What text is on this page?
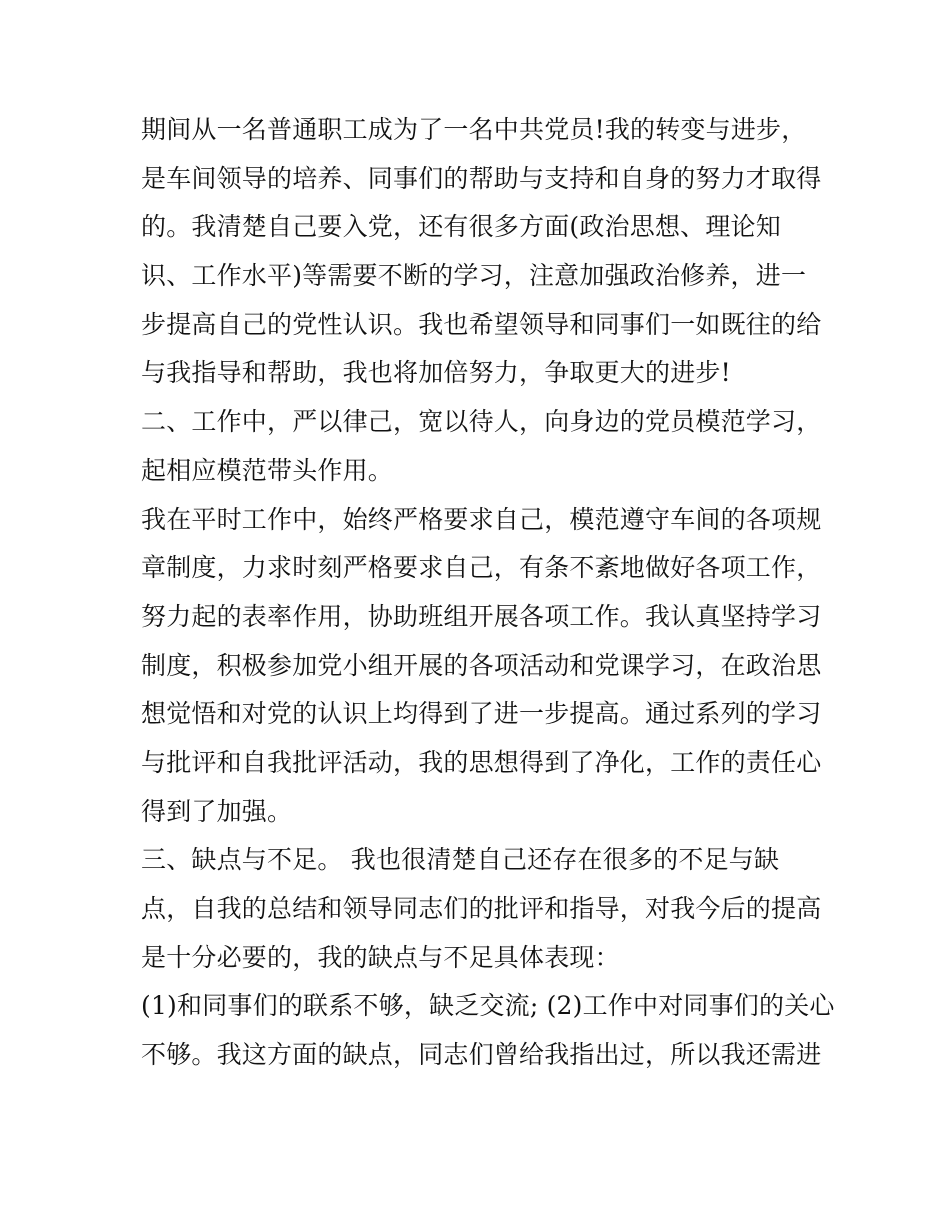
期间从一名普通职工成为了一名中共党员!我的转变与进步，
是车间领导的培养、同事们的帮助与支持和自身的努力才取得
的。我清楚自己要入党，还有很多方面(政治思想、理论知
识、工作水平)等需要不断的学习，注意加强政治修养，进一
步提高自己的党性认识。我也希望领导和同事们一如既往的给
与我指导和帮助，我也将加倍努力，争取更大的进步!
二、工作中，严以律己，宽以待人，向身边的党员模范学习，
起相应模范带头作用。
我在平时工作中，始终严格要求自己，模范遵守车间的各项规
章制度，力求时刻严格要求自己，有条不紊地做好各项工作，
努力起的表率作用，协助班组开展各项工作。我认真坚持学习
制度，积极参加党小组开展的各项活动和党课学习，在政治思
想觉悟和对党的认识上均得到了进一步提高。通过系列的学习
与批评和自我批评活动，我的思想得到了净化，工作的责任心
得到了加强。
三、缺点与不足。 我也很清楚自己还存在很多的不足与缺
点，自我的总结和领导同志们的批评和指导，对我今后的提高
是十分必要的，我的缺点与不足具体表现：
(1)和同事们的联系不够，缺乏交流; (2)工作中对同事们的关心
不够。我这方面的缺点，同志们曾给我指出过，所以我还需进
